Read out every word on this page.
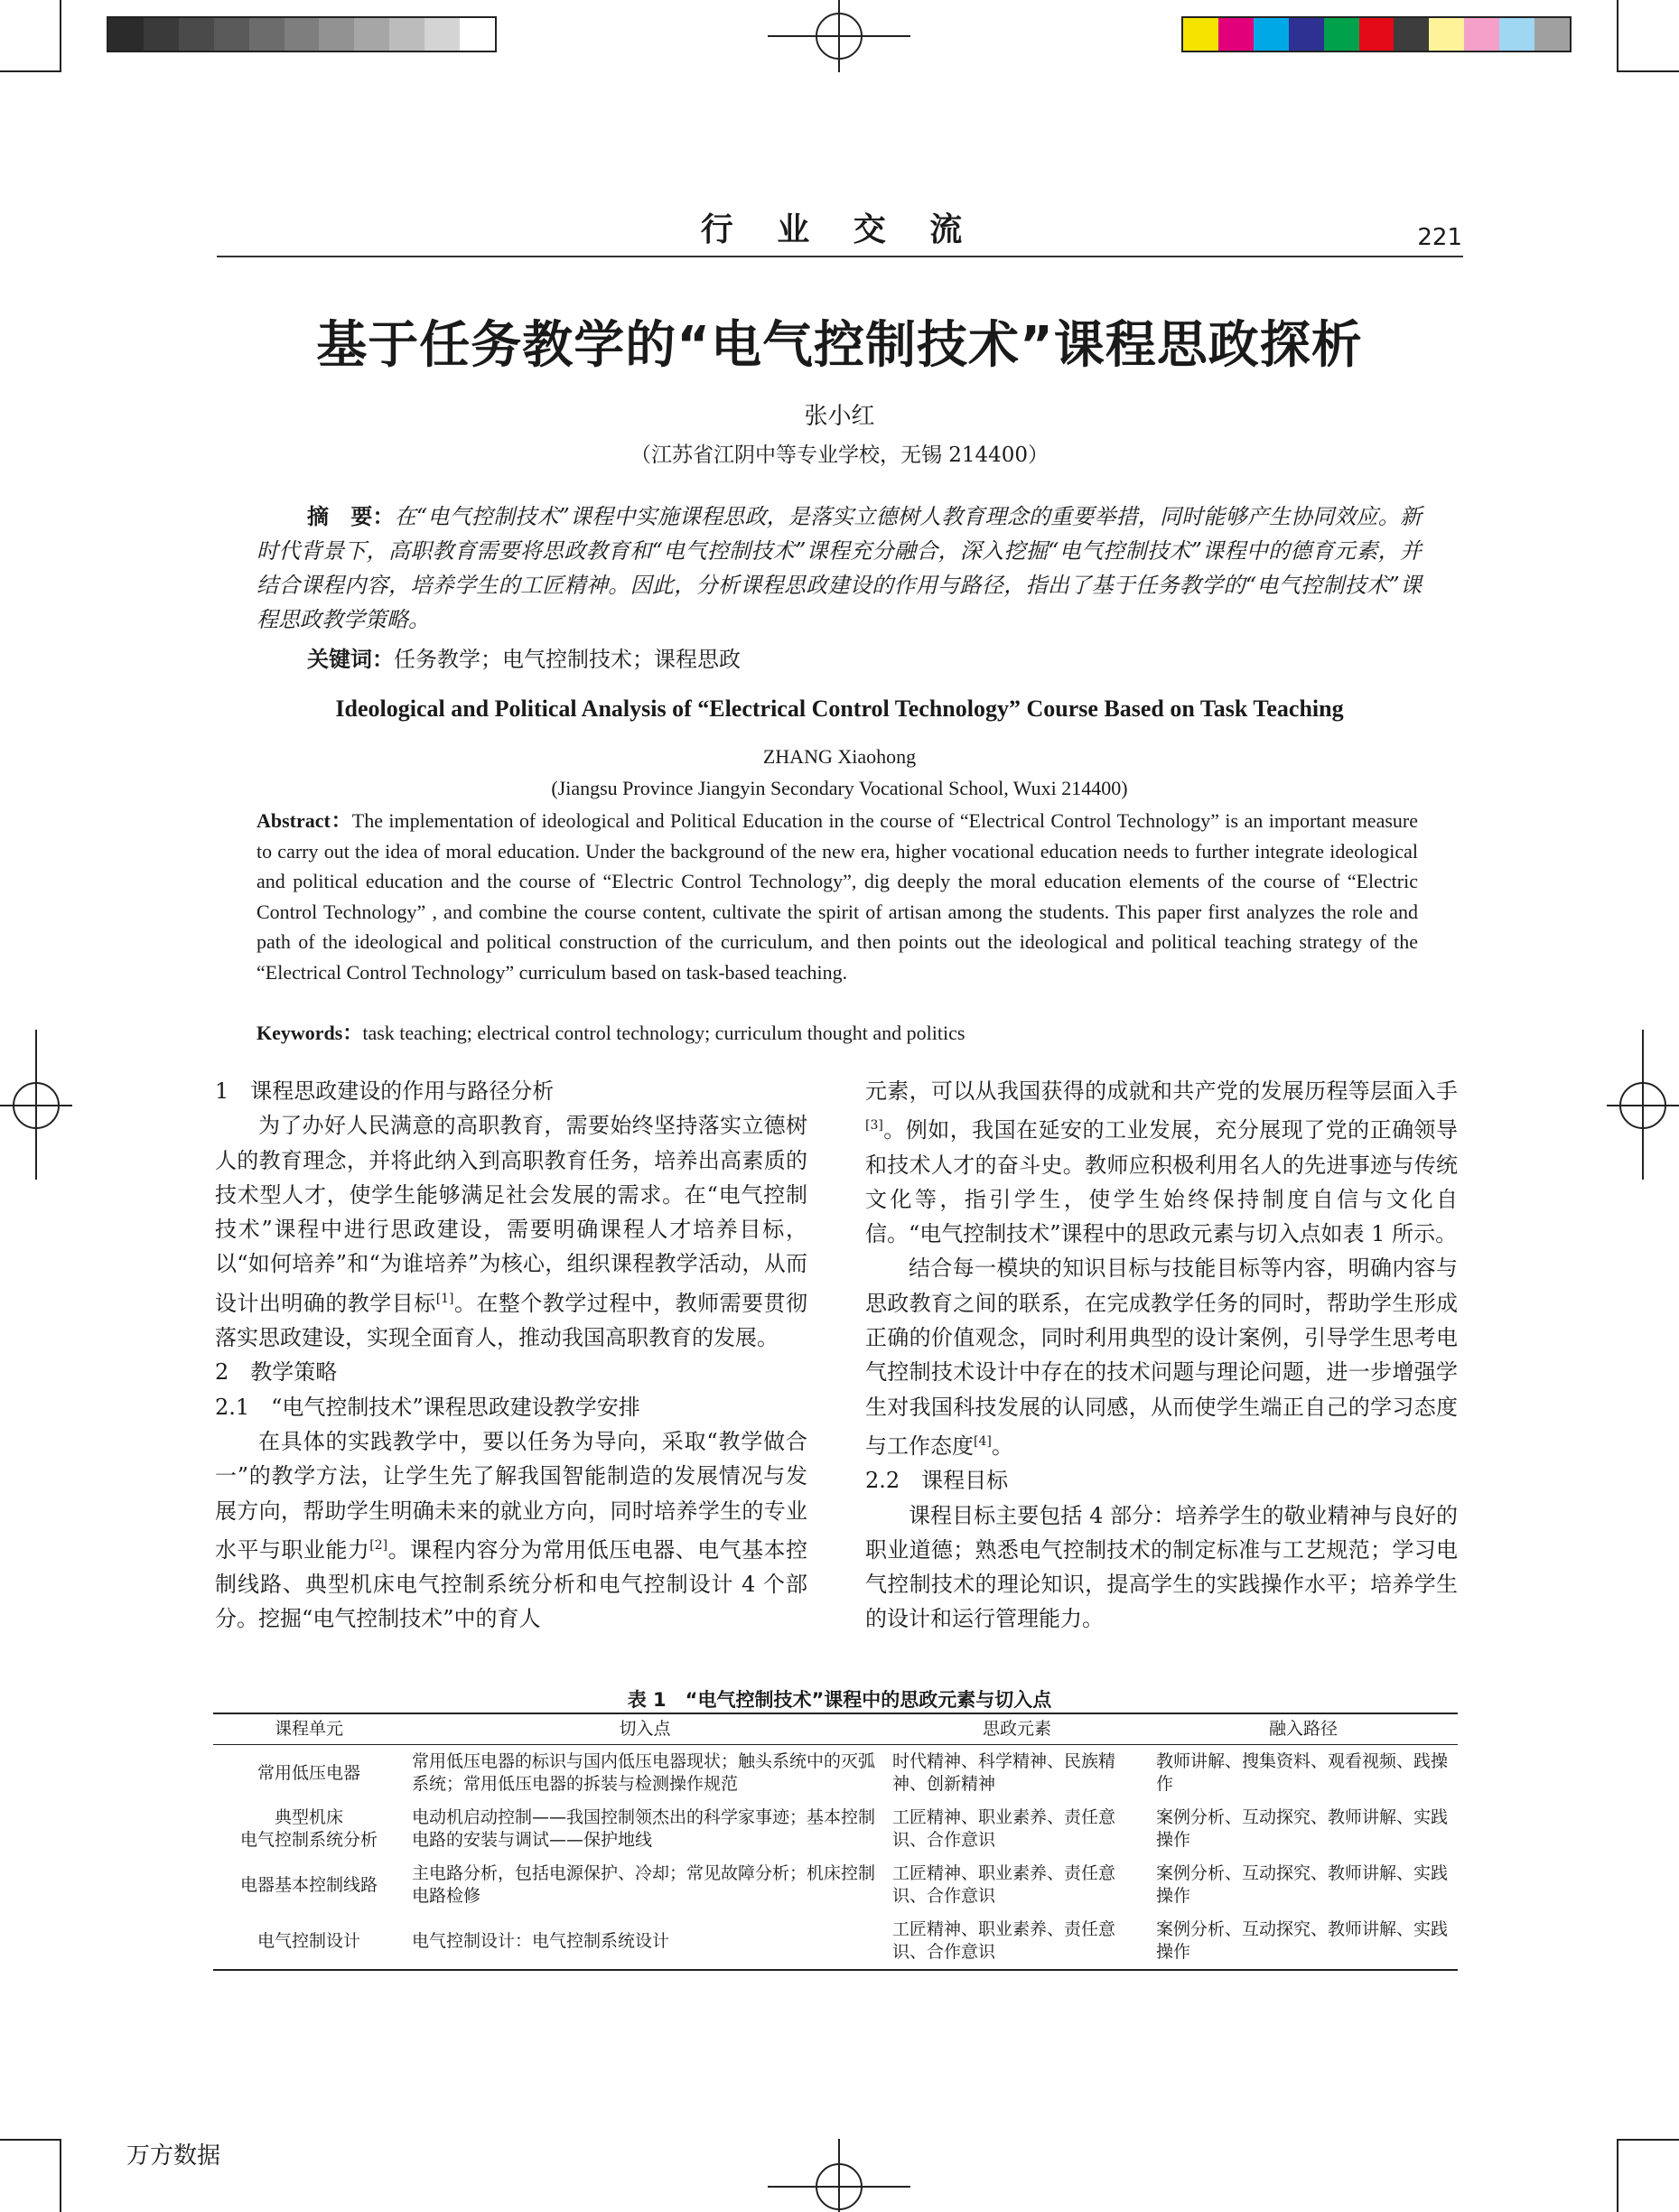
行 业 交 流	221
基于任务教学的“电气控制技术”课程思政探析
张小红
（江苏省江阴中等专业学校，无锡 214400）
摘　要：在“电气控制技术”课程中实施课程思政，是落实立德树人教育理念的重要举措，同时能够产生协同效应。新时代背景下，高职教育需要将思政教育和“电气控制技术”课程充分融合，深入挖掘“电气控制技术”课程中的德育元素，并结合课程内容，培养学生的工匠精神。因此，分析课程思政建设的作用与路径，指出了基于任务教学的“电气控制技术”课程思政教学策略。
关键词：任务教学；电气控制技术；课程思政
Ideological and Political Analysis of “Electrical Control Technology” Course Based on Task Teaching
ZHANG Xiaohong
(Jiangsu Province Jiangyin Secondary Vocational School, Wuxi 214400)
Abstract：The implementation of ideological and Political Education in the course of “Electrical Control Technology” is an important measure to carry out the idea of moral education. Under the background of the new era, higher vocational education needs to further integrate ideological and political education and the course of “Electric Control Technology”, dig deeply the moral education elements of the course of “Electric Control Technology” , and combine the course content, cultivate the spirit of artisan among the students. This paper first analyzes the role and path of the ideological and political construction of the curriculum, and then points out the ideological and political teaching strategy of the “Electrical Control Technology” curriculum based on task-based teaching.
Keywords：task teaching; electrical control technology; curriculum thought and politics

1　课程思政建设的作用与路径分析

为了办好人民满意的高职教育，需要始终坚持落实立德树人的教育理念，并将此纳入到高职教育任务，培养出高素质的技术型人才，使学生能够满足社会发展的需求。在“电气控制技术”课程中进行思政建设，需要明确课程人才培养目标，以“如何培养”和“为谁培养”为核心，组织课程教学活动，从而设计出明确的教学目标[1]。在整个教学过程中，教师需要贯彻落实思政建设，实现全面育人，推动我国高职教育的发展。

2　教学策略

2.1　“电气控制技术”课程思政建设教学安排

在具体的实践教学中，要以任务为导向，采取“教学做合一”的教学方法，让学生先了解我国智能制造的发展情况与发展方向，帮助学生明确未来的就业方向，同时培养学生的专业水平与职业能力[2]。课程内容分为常用低压电器、电气基本控制线路、典型机床电气控制系统分析和电气控制设计 4 个部分。挖掘“电气控制技术”中的育人

元素，可以从我国获得的成就和共产党的发展历程等层面入手[3]。例如，我国在延安的工业发展，充分展现了党的正确领导和技术人才的奋斗史。教师应积极利用名人的先进事迹与传统文化等，指引学生，使学生始终保持制度自信与文化自信。“电气控制技术”课程中的思政元素与切入点如表 1 所示。

结合每一模块的知识目标与技能目标等内容，明确内容与思政教育之间的联系，在完成教学任务的同时，帮助学生形成正确的价值观念，同时利用典型的设计案例，引导学生思考电气控制技术设计中存在的技术问题与理论问题，进一步增强学生对我国科技发展的认同感，从而使学生端正自己的学习态度与工作态度[4]。

2.2　课程目标

课程目标主要包括 4 部分：培养学生的敬业精神与良好的职业道德；熟悉电气控制技术的制定标准与工艺规范；学习电气控制技术的理论知识，提高学生的实践操作水平；培养学生的设计和运行管理能力。

表 1　“电气控制技术”课程中的思政元素与切入点
课程单元	切入点	思政元素	融入路径
常用低压电器	常用低压电器的标识与国内低压电器现状；触头系统中的灭弧系统；常用低压电器的拆装与检测操作规范	时代精神、科学精神、民族精神、创新精神	教师讲解、搜集资料、观看视频、践操作
典型机床
电气控制系统分析	电动机启动控制——我国控制领杰出的科学家事迹；基本控制电路的安装与调试——保护地线	工匠精神、职业素养、责任意识、合作意识	案例分析、互动探究、教师讲解、实践操作
电器基本控制线路	主电路分析，包括电源保护、冷却；常见故障分析；机床控制电路检修	工匠精神、职业素养、责任意识、合作意识	案例分析、互动探究、教师讲解、实践操作
电气控制设计	电气控制设计：电气控制系统设计	工匠精神、职业素养、责任意识、合作意识	案例分析、互动探究、教师讲解、实践操作
万方数据
